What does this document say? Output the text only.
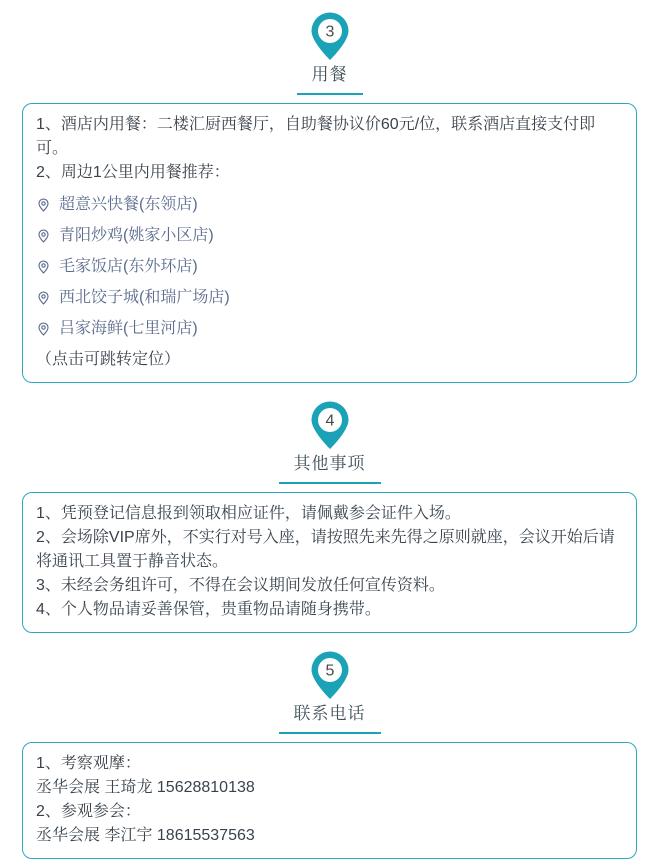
3
用餐

1、酒店内用餐：二楼汇厨西餐厅，自助餐协议价60元/位，联系酒店直接支付即可。

2、周边1公里内用餐推荐：

超意兴快餐(东领店)
青阳炒鸡(姚家小区店)
毛家饭店(东外环店)
西北饺子城(和瑞广场店)
吕家海鲜(七里河店)

（点击可跳转定位）

4
其他事项

1、凭预登记信息报到领取相应证件，请佩戴参会证件入场。

2、会场除VIP席外，不实行对号入座，请按照先来先得之原则就座，会议开始后请将通讯工具置于静音状态。

3、未经会务组许可，不得在会议期间发放任何宣传资料。

4、个人物品请妥善保管，贵重物品请随身携带。

5
联系电话

1、考察观摩：

丞华会展 王琦龙 15628810138

2、参观参会：

丞华会展 李江宇 18615537563
